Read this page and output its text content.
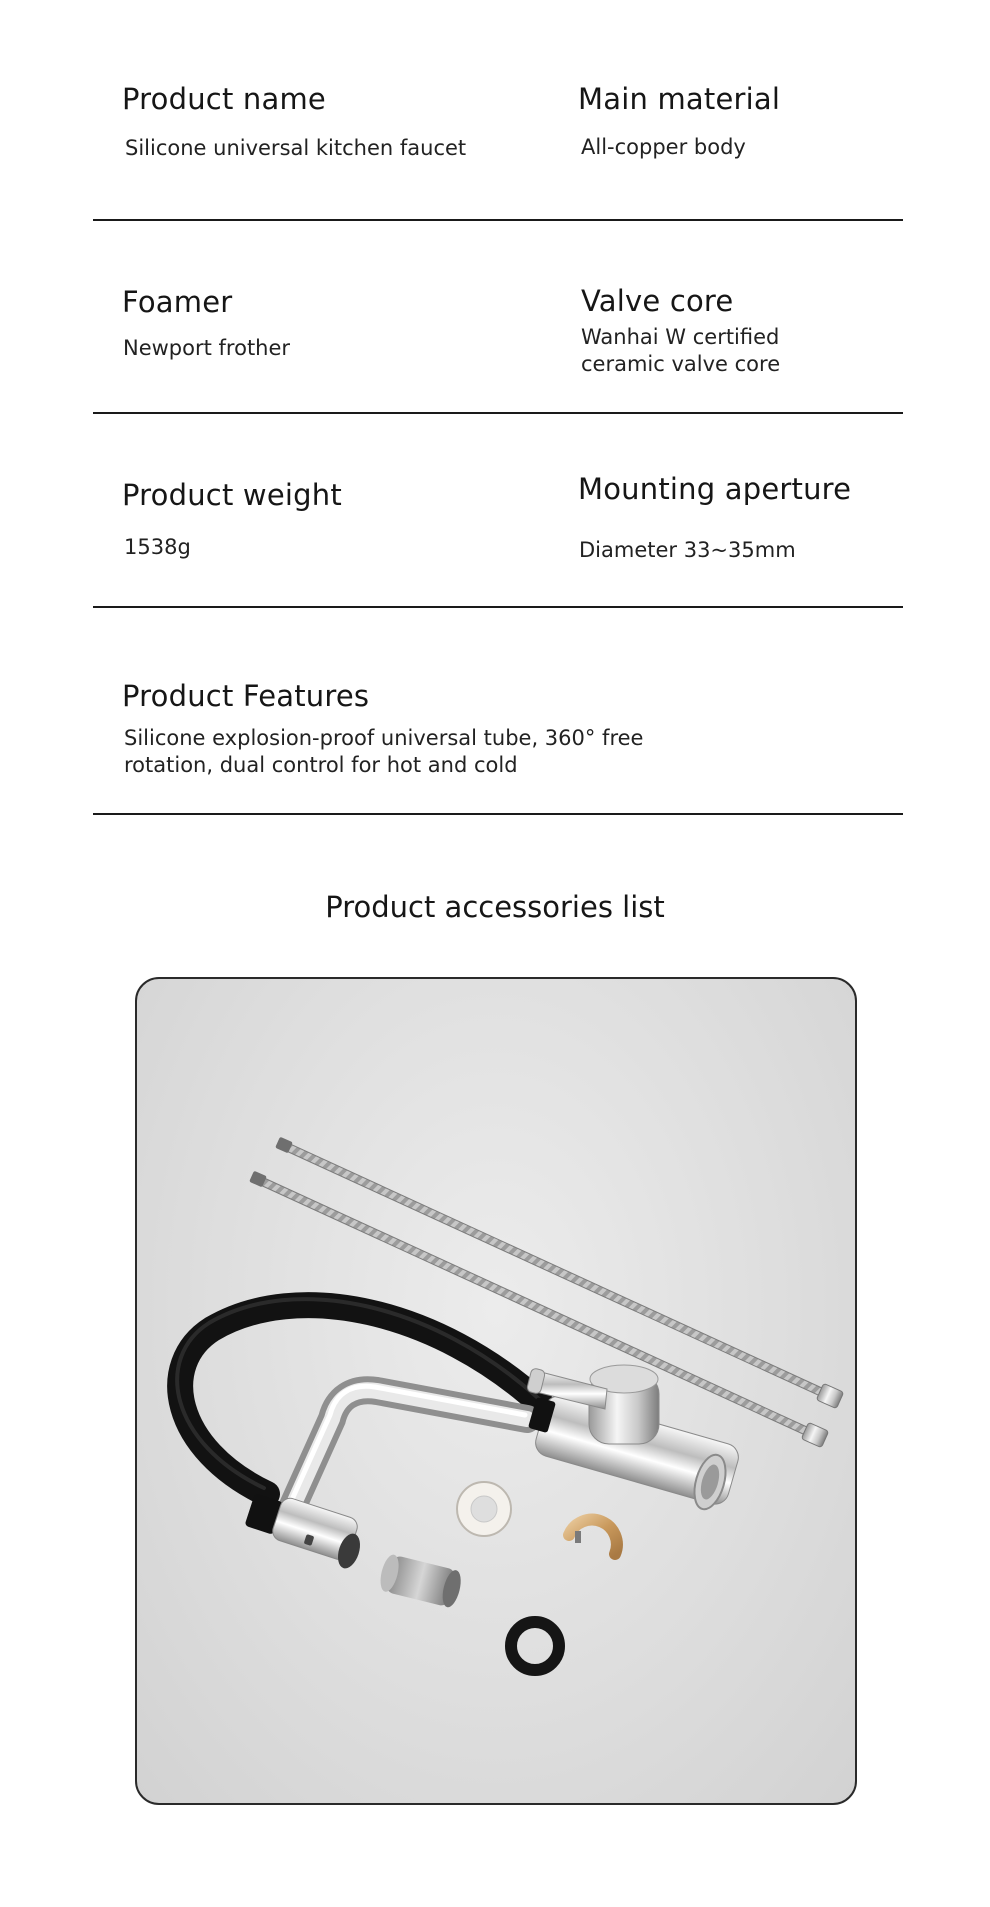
Product name
Silicone universal kitchen faucet
Main material
All-copper body
Foamer
Newport frother
Valve core
Wanhai W certified
ceramic valve core
Product weight
1538g
Mounting aperture
Diameter 33~35mm
Product Features
Silicone explosion-proof universal tube, 360° free
rotation, dual control for hot and cold
Product accessories list
